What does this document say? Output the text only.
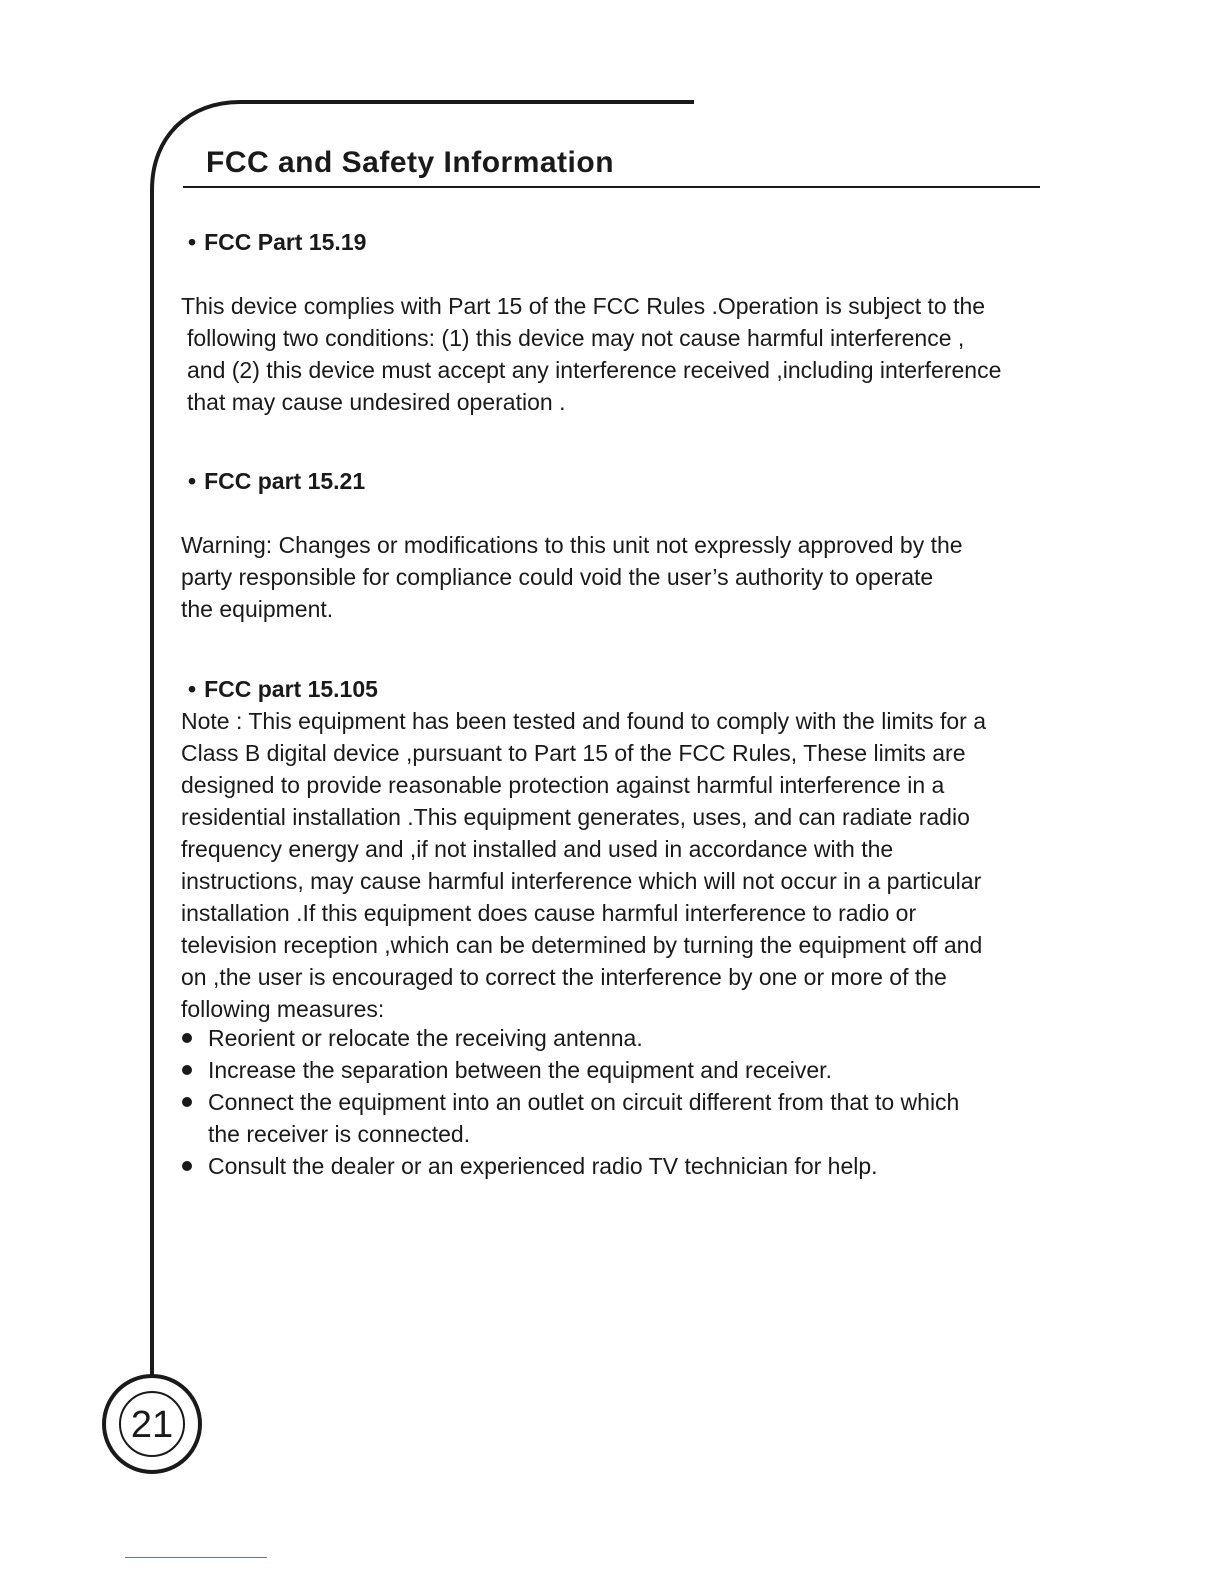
FCC and Safety Information

• FCC Part 15.19

This device complies with Part 15 of the FCC Rules .Operation is subject to the
following two conditions: (1) this device may not cause harmful interference ,
and (2) this device must accept any interference received ,including interference
that may cause undesired operation .

• FCC part 15.21

Warning: Changes or modifications to this unit not expressly approved by the
party responsible for compliance could void the user’s authority to operate
the equipment.

• FCC part 15.105

Note : This equipment has been tested and found to comply with the limits for a
Class B digital device ,pursuant to Part 15 of the FCC Rules, These limits are
designed to provide reasonable protection against harmful interference in a
residential installation .This equipment generates, uses, and can radiate radio
frequency energy and ,if not installed and used in accordance with the
instructions, may cause harmful interference which will not occur in a particular
installation .If this equipment does cause harmful interference to radio or
television reception ,which can be determined by turning the equipment off and
on ,the user is encouraged to correct the interference by one or more of the
following measures:

Reorient or relocate the receiving antenna.
Increase the separation between the equipment and receiver.
Connect the equipment into an outlet on circuit different from that to which
the receiver is connected.
Consult the dealer or an experienced radio TV technician for help.
21
